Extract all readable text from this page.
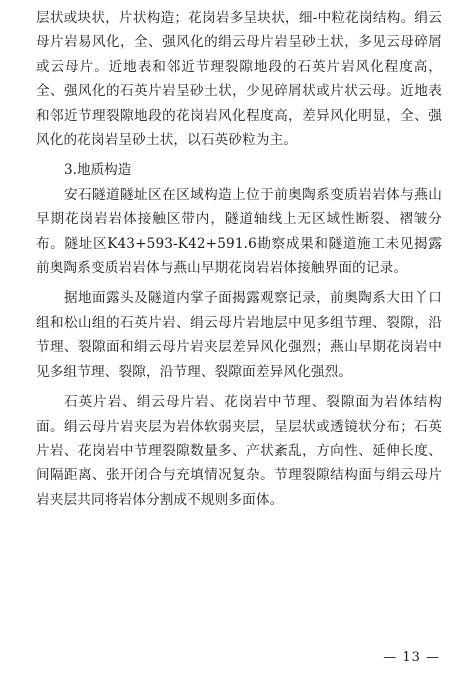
层状或块状，片状构造；花岗岩多呈块状，细-中粒花岗结构。绢云母片岩易风化，全、强风化的绢云母片岩呈砂土状，多见云母碎屑或云母片。近地表和邻近节理裂隙地段的石英片岩风化程度高，全、强风化的石英片岩呈砂土状，少见碎屑状或片状云母。近地表和邻近节理裂隙地段的花岗岩风化程度高，差异风化明显，全、强风化的花岗岩呈砂土状，以石英砂粒为主。

3.地质构造

安石隧道隧址区在区域构造上位于前奥陶系变质岩岩体与燕山早期花岗岩岩体接触区带内，隧道轴线上无区域性断裂、褶皱分布。隧址区K43+593-K42+591.6勘察成果和隧道施工未见揭露前奥陶系变质岩岩体与燕山早期花岗岩岩体接触界面的记录。

据地面露头及隧道内掌子面揭露观察记录，前奥陶系大田丫口组和松山组的石英片岩、绢云母片岩地层中见多组节理、裂隙，沿节理、裂隙面和绢云母片岩夹层差异风化强烈；燕山早期花岗岩中见多组节理、裂隙，沿节理、裂隙面差异风化强烈。

石英片岩、绢云母片岩、花岗岩中节理、裂隙面为岩体结构面。绢云母片岩夹层为岩体软弱夹层，呈层状或透镜状分布；石英片岩、花岗岩中节理裂隙数量多、产状紊乱，方向性、延伸长度、间隔距离、张开闭合与充填情况复杂。节理裂隙结构面与绢云母片岩夹层共同将岩体分割成不规则多面体。

— 13 —
